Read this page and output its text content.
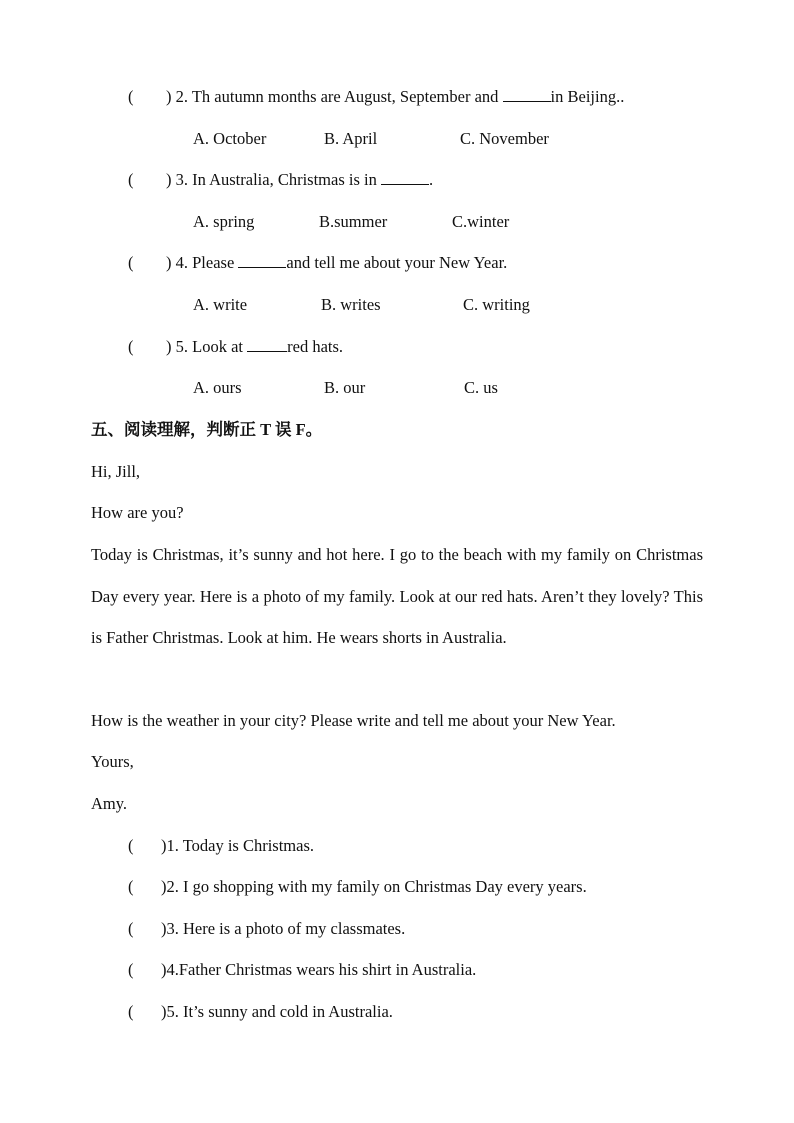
( ) 2. Th autumn months are August, September and	in Beijing..
A. October	B. April	C. November
( ) 3. In Australia, Christmas is in	.
A. spring	B.summer	C.winter
( ) 4. Please	and tell me about your New Year.
A. write	B. writes	C. writing
( ) 5. Look at	red hats.
A. ours	B. our	C. us
五、阅读理解，判断正 T 误 F。
Hi, Jill,
How are you?
Today is Christmas, it’s sunny and hot here. I go to the beach with my family on Christmas Day every year. Here is a photo of my family. Look at our red hats. Aren’t they lovely? This is Father Christmas. Look at him. He wears shorts in Australia.
How is the weather in your city? Please write and tell me about your New Year.
Yours,
Amy.
( )1. Today is Christmas.
( )2. I go shopping with my family on Christmas Day every years.
( )3. Here is a photo of my classmates.
( )4.Father Christmas wears his shirt in Australia.
( )5. It’s sunny and cold in Australia.
